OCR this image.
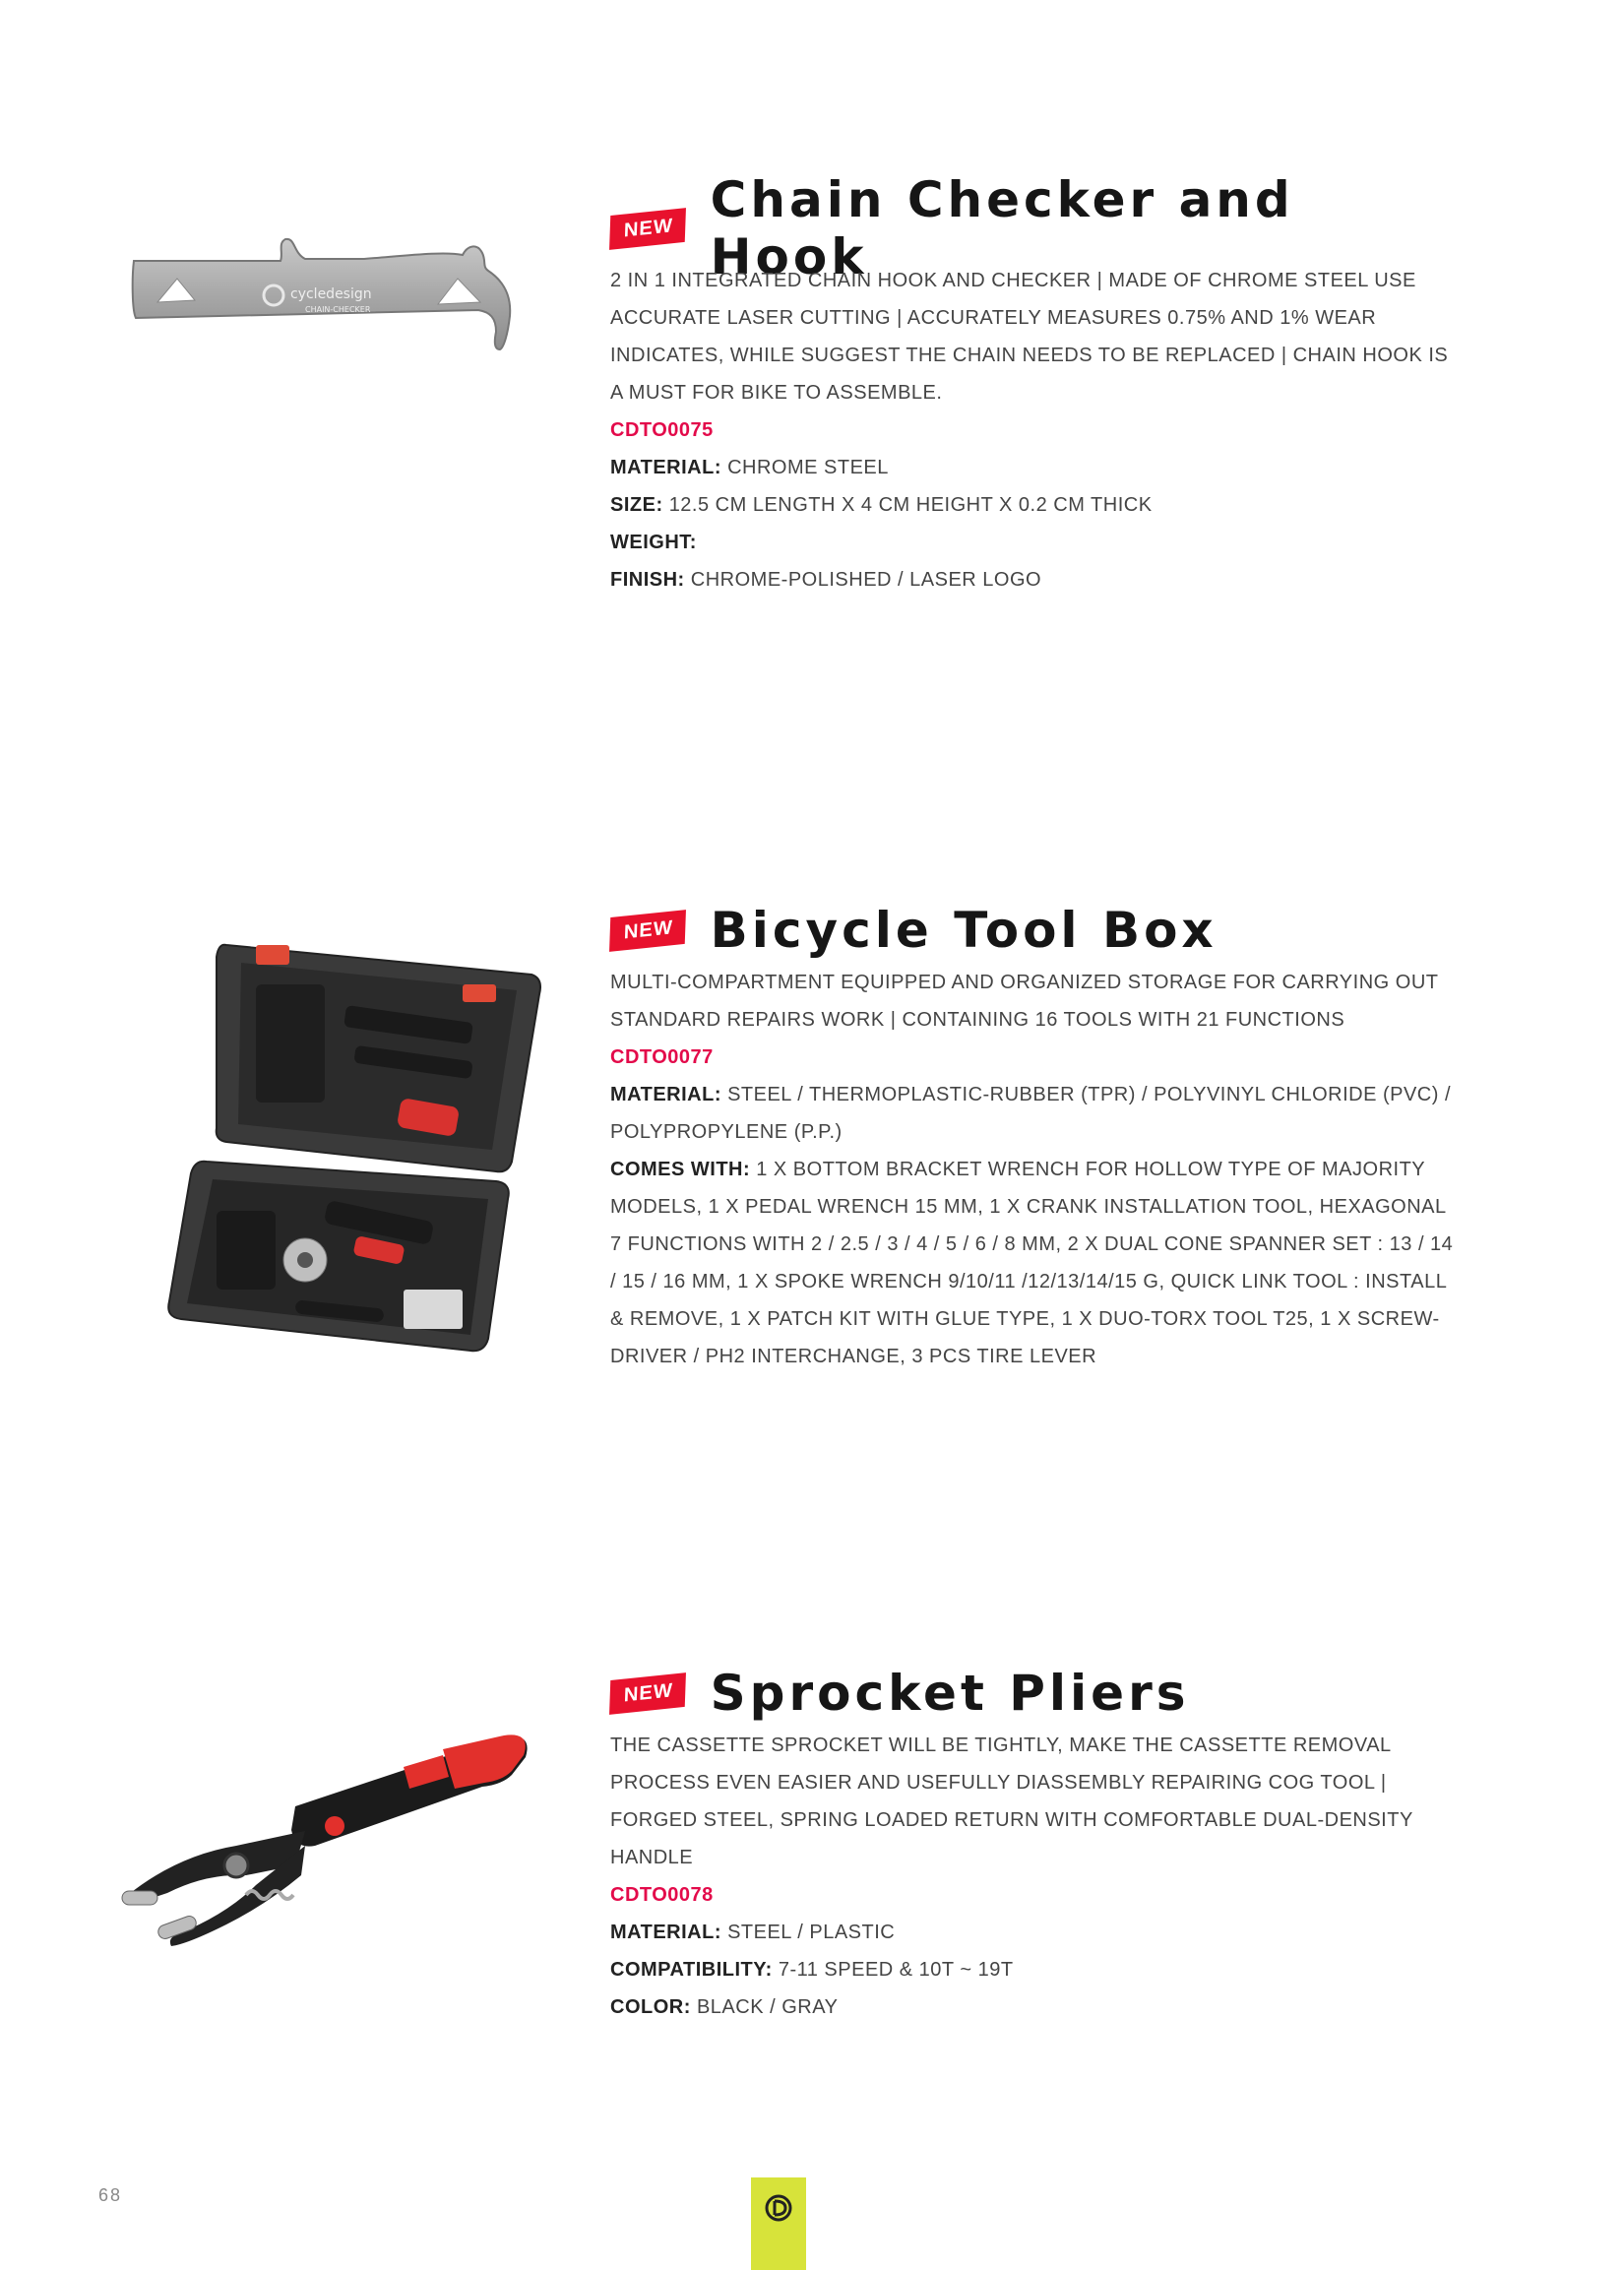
cycledesign
CHAIN-CHECKER
NEW Chain Checker and Hook
2 IN 1 INTEGRATED CHAIN HOOK AND CHECKER | MADE OF CHROME STEEL USE ACCURATE LASER CUTTING | ACCURATELY MEASURES 0.75% AND 1% WEAR INDICATES, WHILE SUGGEST THE CHAIN NEEDS TO BE REPLACED | CHAIN HOOK IS A MUST FOR BIKE TO ASSEMBLE.
CDTO0075
MATERIAL: CHROME STEEL
SIZE: 12.5 CM LENGTH X 4 CM HEIGHT X 0.2 CM THICK
WEIGHT:
FINISH: CHROME-POLISHED / LASER LOGO
NEW Bicycle Tool Box
MULTI-COMPARTMENT EQUIPPED AND ORGANIZED STORAGE FOR CARRYING OUT STANDARD REPAIRS WORK | CONTAINING 16 TOOLS WITH 21 FUNCTIONS
CDTO0077
MATERIAL: STEEL / THERMOPLASTIC-RUBBER (TPR) / POLYVINYL CHLORIDE (PVC) / POLYPROPYLENE (P.P.)
COMES WITH: 1 X BOTTOM BRACKET WRENCH FOR HOLLOW TYPE OF MAJORITY MODELS, 1 X PEDAL WRENCH 15 MM, 1 X CRANK INSTALLATION TOOL, HEXAGONAL 7 FUNCTIONS WITH 2 / 2.5 / 3 / 4 / 5 / 6 / 8 MM, 2 X DUAL CONE SPANNER SET : 13 / 14 / 15 / 16 MM, 1 X SPOKE WRENCH 9/10/11 /12/13/14/15 G, QUICK LINK TOOL : INSTALL & REMOVE, 1 X PATCH KIT WITH GLUE TYPE, 1 X DUO-TORX TOOL T25, 1 X SCREW-DRIVER / PH2 INTERCHANGE, 3 PCS TIRE LEVER
NEW Sprocket Pliers
THE CASSETTE SPROCKET WILL BE TIGHTLY, MAKE THE CASSETTE REMOVAL PROCESS EVEN EASIER AND USEFULLY DIASSEMBLY REPAIRING COG TOOL | FORGED STEEL, SPRING LOADED RETURN WITH COMFORTABLE DUAL-DENSITY HANDLE
CDTO0078
MATERIAL: STEEL / PLASTIC
COMPATIBILITY: 7-11 SPEED & 10T ~ 19T
COLOR: BLACK / GRAY
68
